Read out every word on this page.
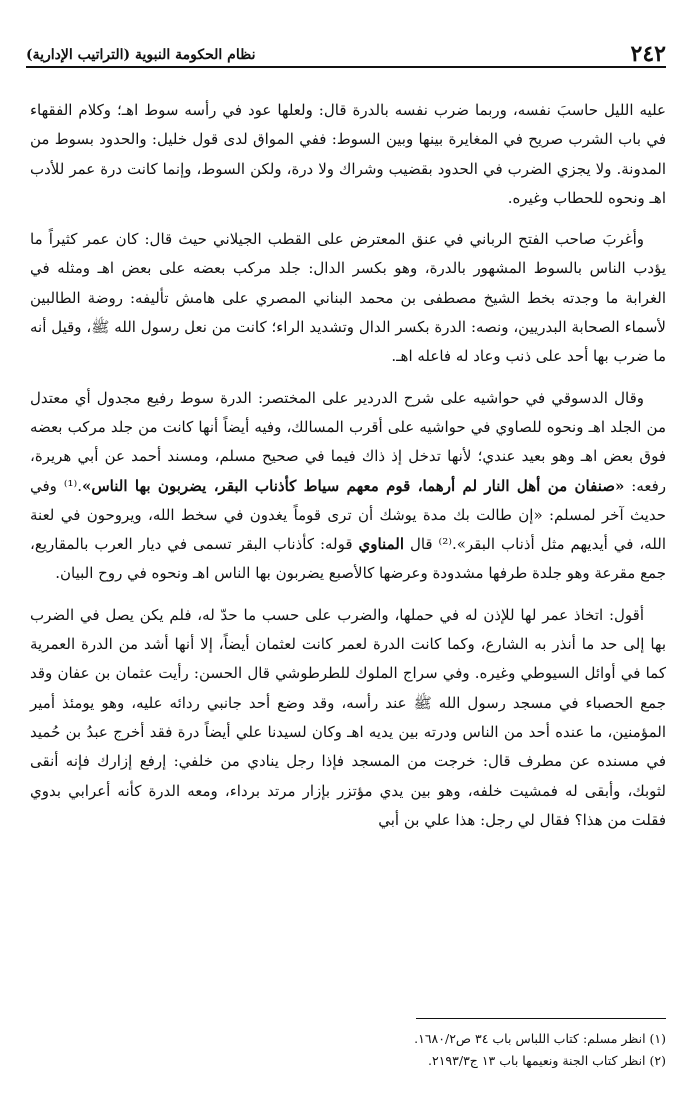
٢٤٢
نظام الحكومة النبوية (التراتيب الإدارية)

عليه الليل حاسبَ نفسه، وربما ضرب نفسه بالدرة قال: ولعلها عود في رأسه سوط اهـ؛ وكلام الفقهاء في باب الشرب صريح في المغايرة بينها وبين السوط: ففي المواق لدى قول خليل: والحدود بسوط من المدونة. ولا يجزي الضرب في الحدود بقضيب وشراك ولا درة، ولكن السوط، وإنما كانت درة عمر للأدب اهـ ونحوه للحطاب وغيره.

وأغربَ صاحب الفتح الرباني في عنق المعترض على القطب الجيلاني حيث قال: كان عمر كثيراً ما يؤدب الناس بالسوط المشهور بالدرة، وهو بكسر الدال: جلد مركب بعضه على بعض اهـ ومثله في الغرابة ما وجدته بخط الشيخ مصطفى بن محمد البناني المصري على هامش تأليفه: روضة الطالبين لأسماء الصحابة البدريين، ونصه: الدرة بكسر الدال وتشديد الراء؛ كانت من نعل رسول الله ﷺ، وقيل أنه ما ضرب بها أحد على ذنب وعاد له فاعله اهـ.

وقال الدسوقي في حواشيه على شرح الدردير على المختصر: الدرة سوط رفيع مجدول أي معتدل من الجلد اهـ ونحوه للصاوي في حواشيه على أقرب المسالك، وفيه أيضاً أنها كانت من جلد مركب بعضه فوق بعض اهـ وهو بعيد عندي؛ لأنها تدخل إذ ذاك فيما في صحيح مسلم، ومسند أحمد عن أبي هريرة، رفعه: «صنفان من أهل النار لم أرهما، قوم معهم سياط كأذناب البقر، يضربون بها الناس».⁽¹⁾ وفي حديث آخر لمسلم: «إن طالت بك مدة يوشك أن ترى قوماً يغدون في سخط الله، ويروحون في لعنة الله، في أيديهم مثل أذناب البقر».⁽²⁾ قال المناوي قوله: كأذناب البقر تسمى في ديار العرب بالمقاريع، جمع مقرعة وهو جلدة طرفها مشدودة وعرضها كالأصبع يضربون بها الناس اهـ ونحوه في روح البيان.

أقول: اتخاذ عمر لها للإذن له في حملها، والضرب على حسب ما حدّ له، فلم يكن يصل في الضرب بها إلى حد ما أنذر به الشارع، وكما كانت الدرة لعمر كانت لعثمان أيضاً، إلا أنها أشد من الدرة العمرية كما في أوائل السيوطي وغيره. وفي سراج الملوك للطرطوشي قال الحسن: رأيت عثمان بن عفان وقد جمع الحصباء في مسجد رسول الله ﷺ عند رأسه، وقد وضع أحد جانبي ردائه عليه، وهو يومئذ أمير المؤمنين، ما عنده أحد من الناس ودرته بين يديه اهـ وكان لسيدنا علي أيضاً درة فقد أخرج عبدُ بن حُميد في مسنده عن مطرف قال: خرجت من المسجد فإذا رجل ينادي من خلفي: إرفع إزارك فإنه أنقى لثوبك، وأبقى له فمشيت خلفه، وهو بين يدي مؤتزر بإزار مرتد برداء، ومعه الدرة كأنه أعرابي بدوي فقلت من هذا؟ فقال لي رجل: هذا علي بن أبي

(١) انظر مسلم: كتاب اللباس باب ٣٤ ص١٦٨٠/٢.
(٢) انظر كتاب الجنة ونعيمها باب ١٣ ج٢١٩٣/٣.
